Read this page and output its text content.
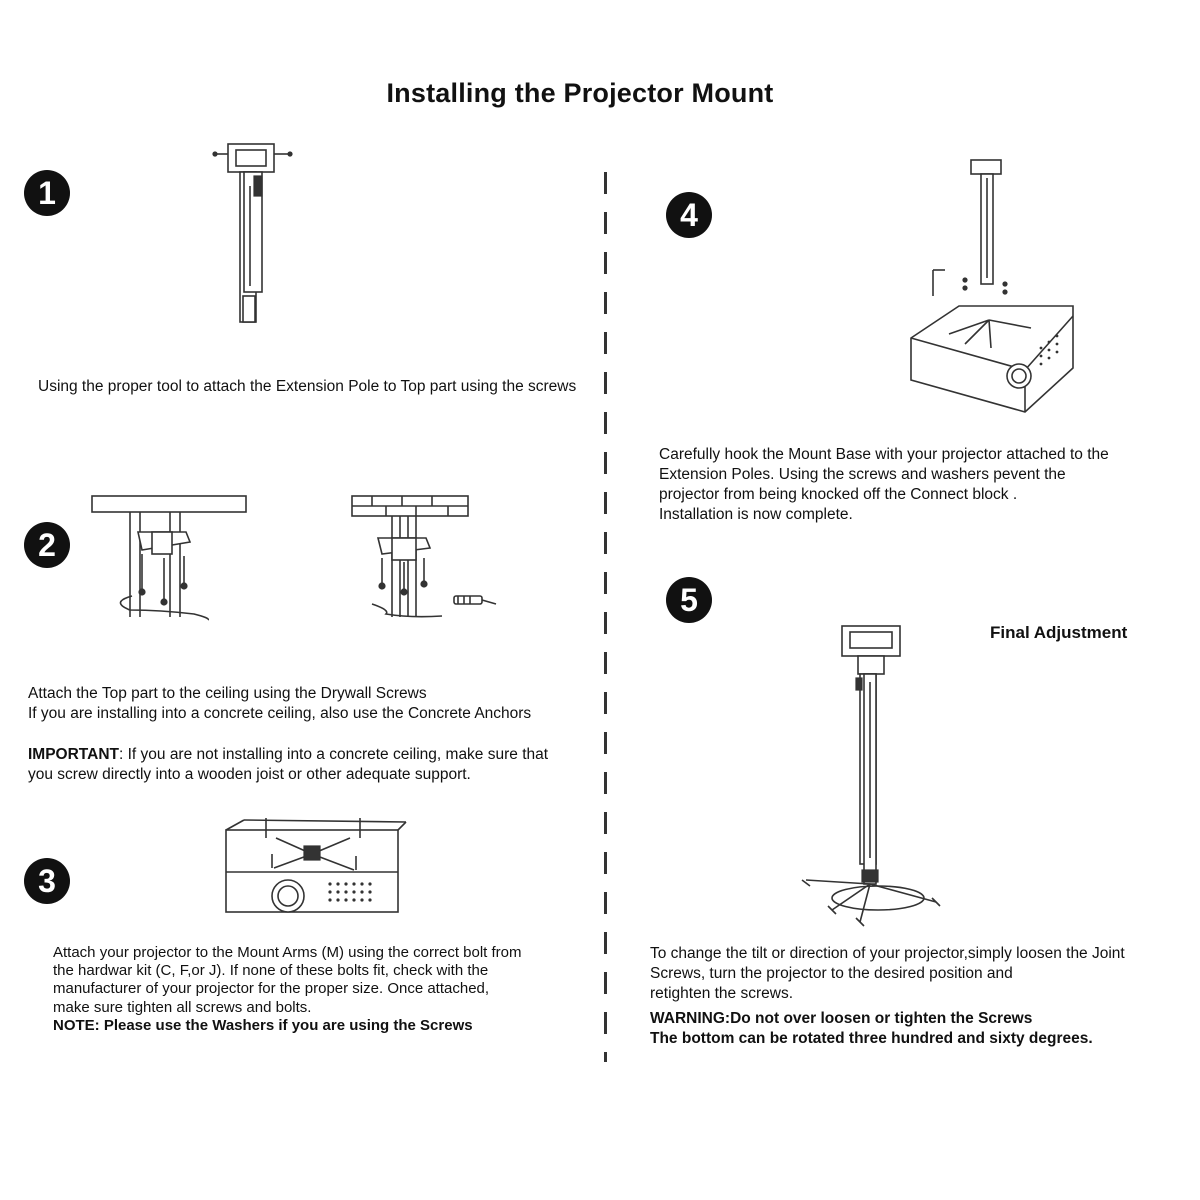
Installing the Projector Mount
1
Using the proper tool to attach the Extension Pole to Top part using the screws
2
Attach the Top part to the ceiling using the Drywall Screws
If you are installing into a concrete ceiling, also use the Concrete Anchors
IMPORTANT: If you are not installing into a concrete ceiling, make sure that
you screw directly into a wooden joist or other adequate support.
3
Attach your projector to the Mount Arms (M) using the correct bolt from
the hardwar kit (C, F,or J). If none of these bolts fit, check with the
manufacturer of your projector for the proper size. Once attached,
make sure tighten all screws and bolts.
NOTE: Please use the Washers if you are using the Screws
4
Carefully hook the Mount Base with your projector attached to the
Extension Poles. Using the screws and washers pevent the
projector from being knocked off the Connect block .
Installation is now complete.
5
Final Adjustment
To change the tilt or direction of your projector,simply loosen the Joint
Screws, turn the projector to the desired position and
retighten the screws.
WARNING:Do not over loosen or tighten the Screws
The bottom can be rotated three hundred and sixty degrees.
